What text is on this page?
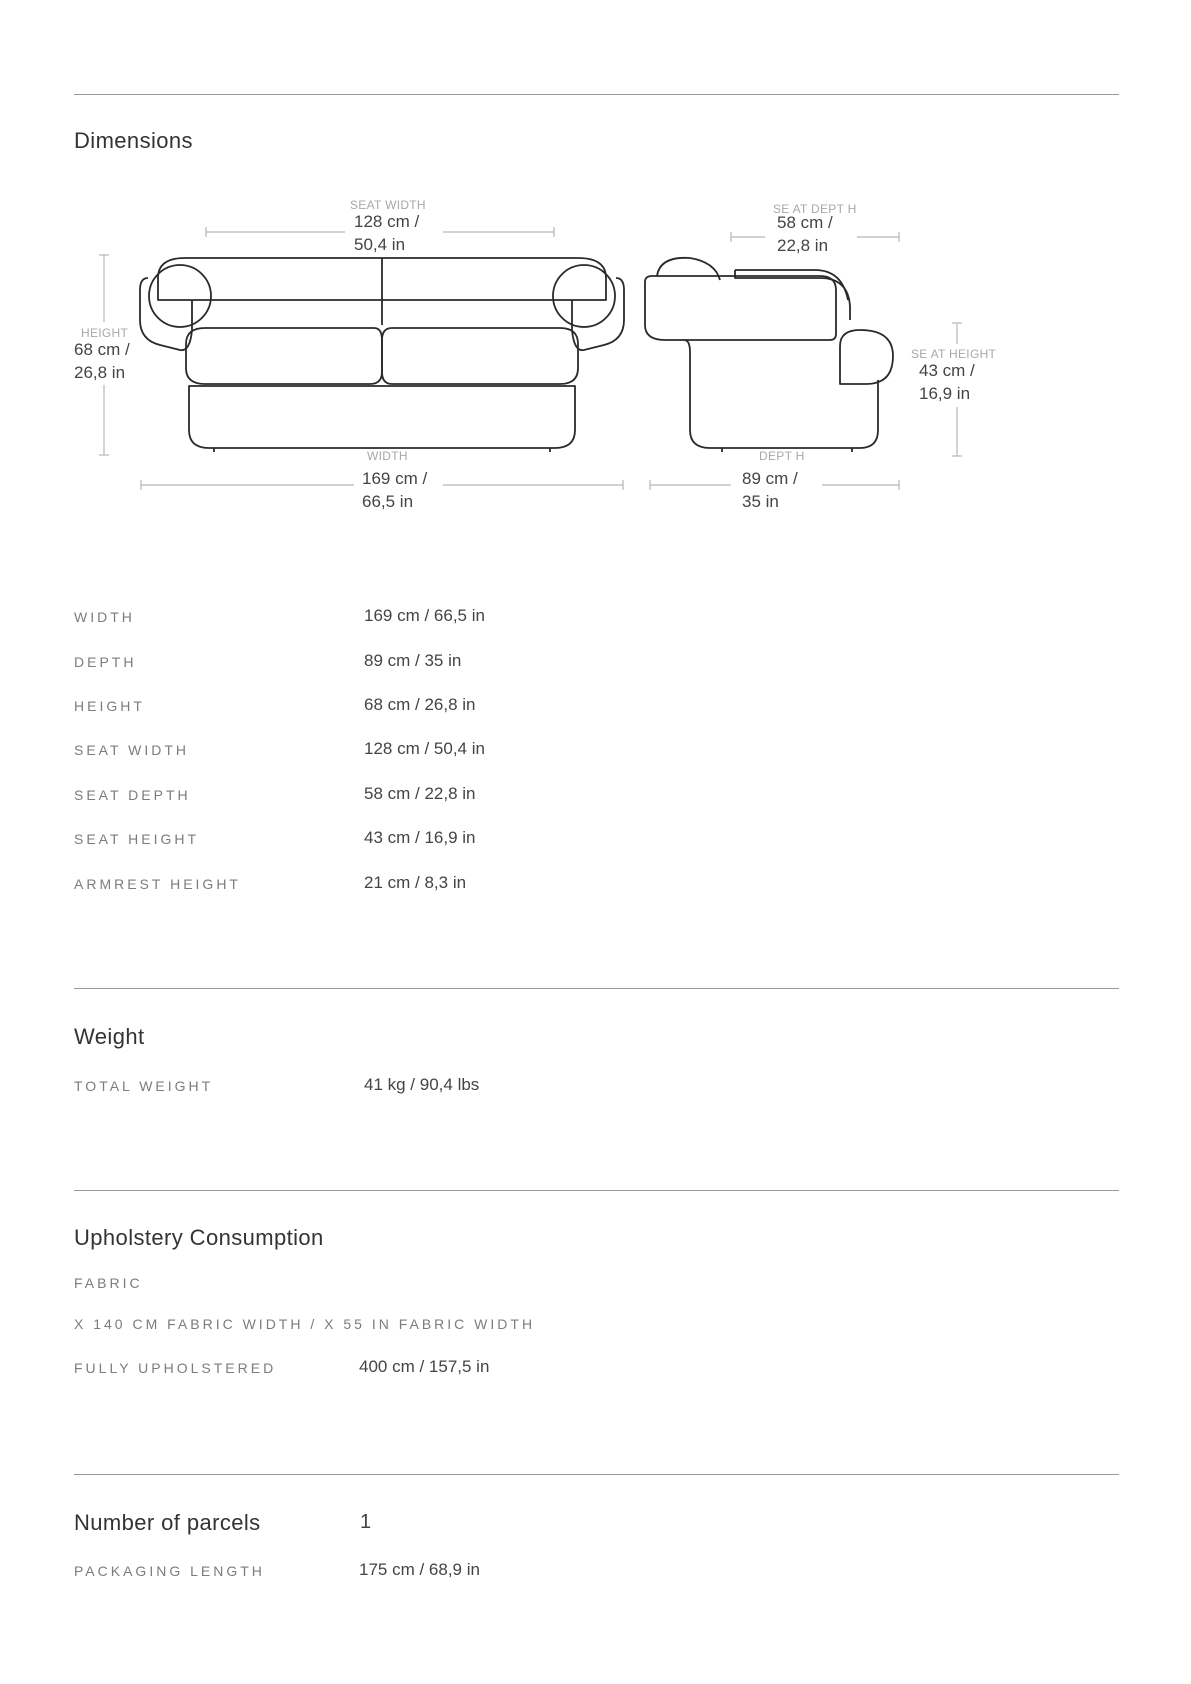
Dimensions
SEAT WIDTH
128 cm /
50,4 in
HEIGHT
68 cm /
26,8 in
WIDTH
169 cm /
66,5 in
SE AT DEPT H
58 cm /
22,8 in
SE AT HEIGHT
43 cm /
16,9 in
DEPT H
89 cm /
35 in
WIDTH	169 cm / 66,5 in
DEPTH	89 cm / 35 in
HEIGHT	68 cm / 26,8 in
SEAT WIDTH	128 cm / 50,4 in
SEAT DEPTH	58 cm / 22,8 in
SEAT HEIGHT	43 cm / 16,9 in
ARMREST HEIGHT	21 cm / 8,3 in
Weight
TOTAL WEIGHT	41 kg / 90,4 lbs
Upholstery Consumption
FABRIC
X 140 CM FABRIC WIDTH / X 55 IN FABRIC WIDTH
FULLY UPHOLSTERED	400 cm / 157,5 in
Number of parcels	1
PACKAGING LENGTH	175 cm / 68,9 in
